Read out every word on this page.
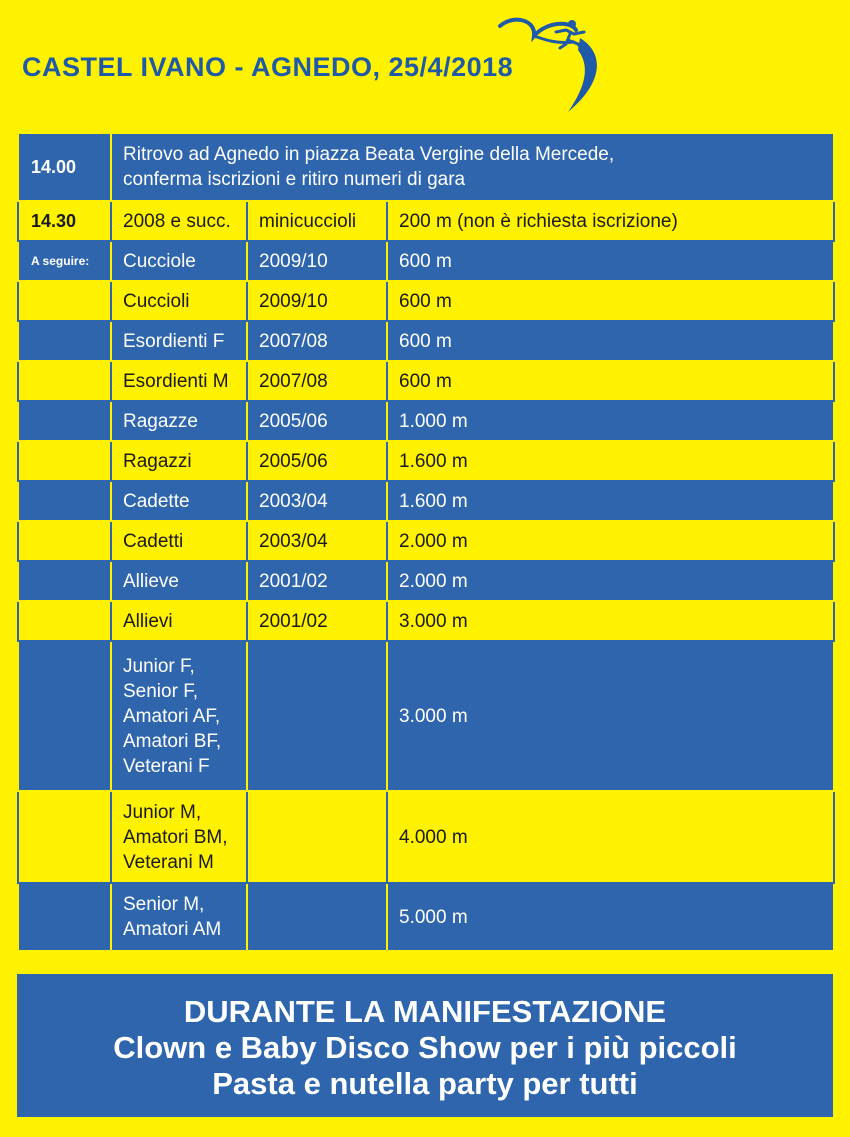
CASTEL IVANO - AGNEDO, 25/4/2018
14.00	Ritrovo ad Agnedo in piazza Beata Vergine della Mercede,
conferma iscrizioni e ritiro numeri di gara		
14.30	2008 e succ.	minicuccioli	200 m (non è richiesta iscrizione)
A seguire:	Cucciole	2009/10	600 m
	Cuccioli	2009/10	600 m
	Esordienti F	2007/08	600 m
	Esordienti M	2007/08	600 m
	Ragazze	2005/06	1.000 m
	Ragazzi	2005/06	1.600 m
	Cadette	2003/04	1.600 m
	Cadetti	2003/04	2.000 m
	Allieve	2001/02	2.000 m
	Allievi	2001/02	3.000 m

	Junior F,
Senior F,
Amatori AF,
Amatori BF,
Veterani F		3.000 m

	Junior M,
Amatori BM,
Veterani M		4.000 m

	Senior M,
Amatori AM		5.000 m
DURANTE LA MANIFESTAZIONE
Clown e Baby Disco Show per i più piccoli
Pasta e nutella party per tutti
